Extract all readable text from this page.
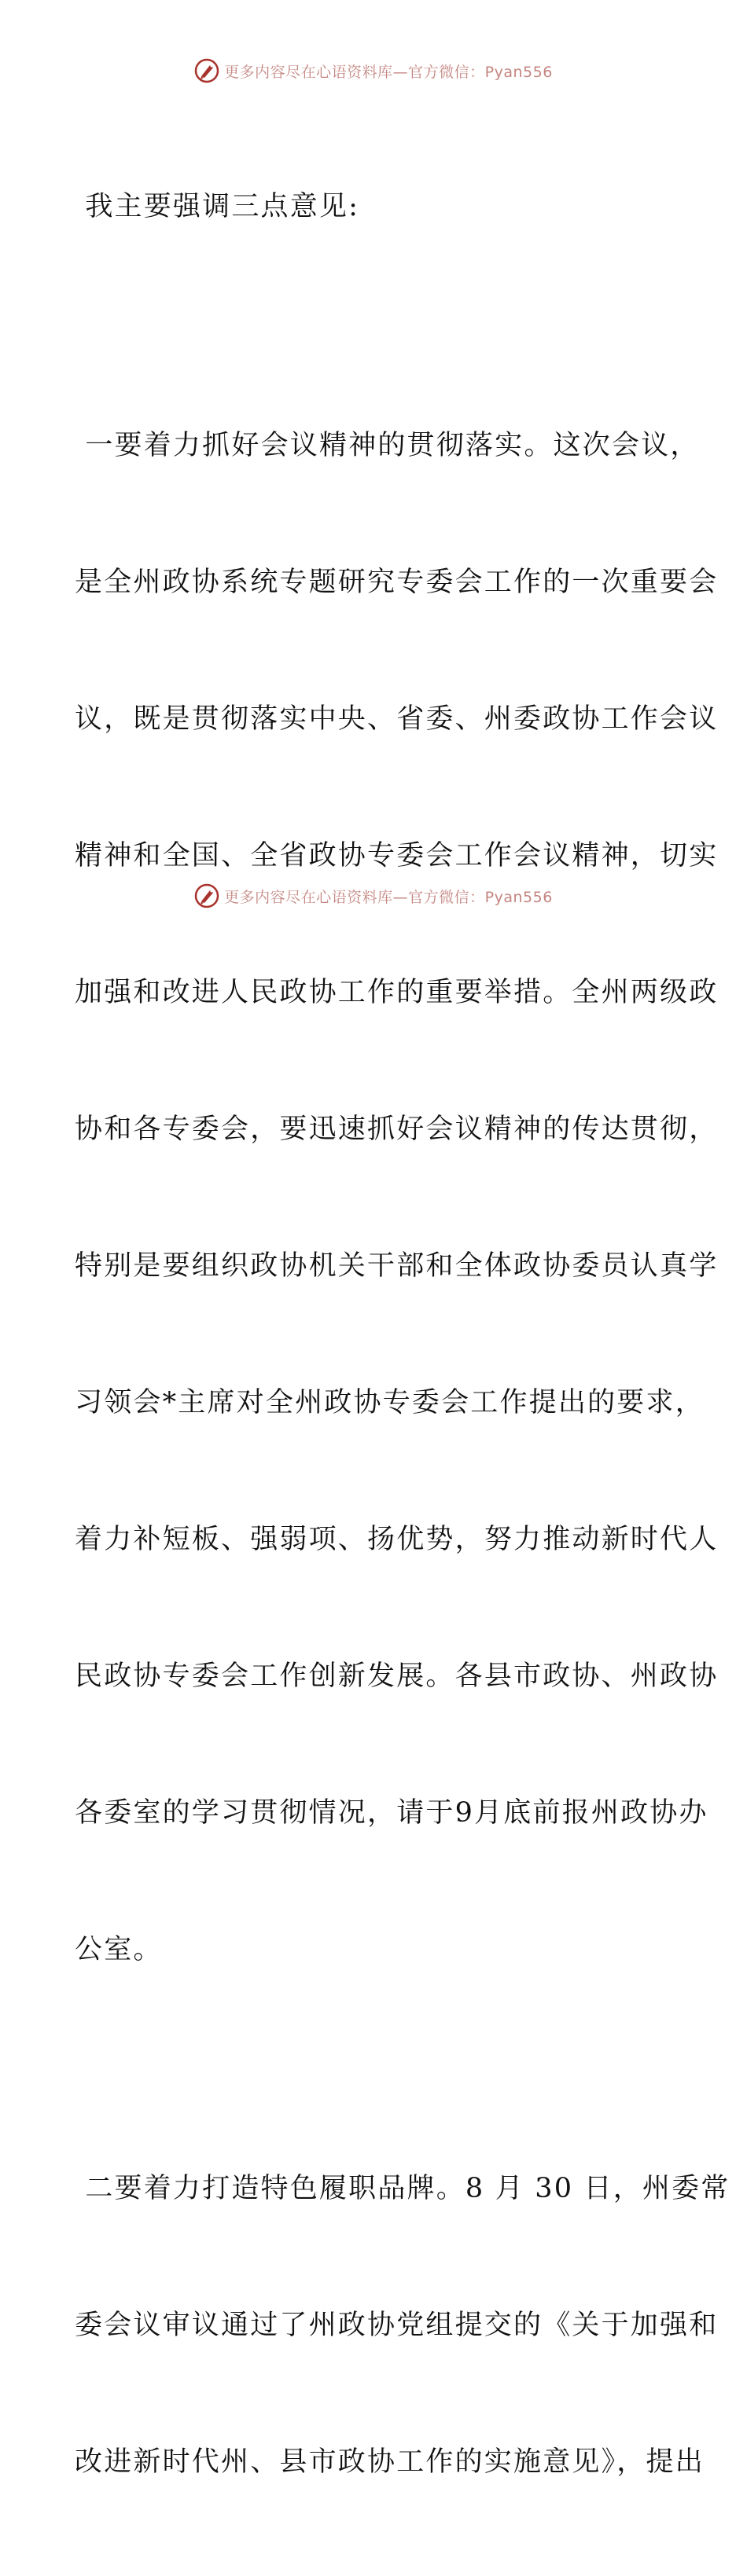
更多内容尽在心语资料库—官方微信：Pyan556

我主要强调三点意见:

一要着力抓好会议精神的贯彻落实。这次会议，

是全州政协系统专题研究专委会工作的一次重要会

议，既是贯彻落实中央、省委、州委政协工作会议

精神和全国、全省政协专委会工作会议精神，切实

加强和改进人民政协工作的重要举措。全州两级政

协和各专委会，要迅速抓好会议精神的传达贯彻，

特别是要组织政协机关干部和全体政协委员认真学

习领会*主席对全州政协专委会工作提出的要求，

着力补短板、强弱项、扬优势，努力推动新时代人

民政协专委会工作创新发展。各县市政协、州政协

各委室的学习贯彻情况，请于9月底前报州政协办

公室。

二要着力打造特色履职品牌。8 月 30 日，州委常

委会议审议通过了州政协党组提交的《关于加强和

改进新时代州、县市政协工作的实施意见》，提出

更多内容尽在心语资料库—官方微信：Pyan556
